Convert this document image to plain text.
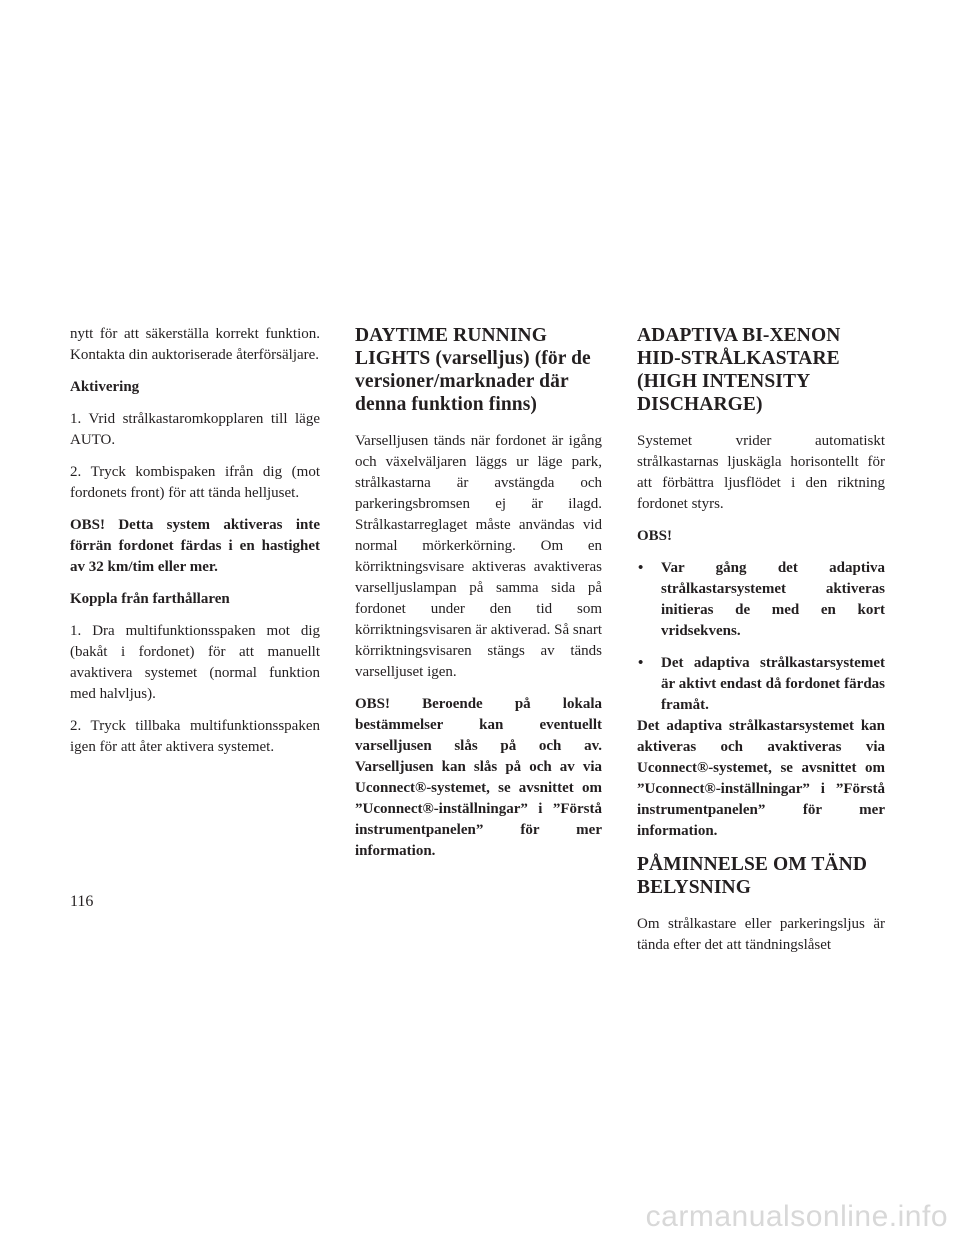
nytt för att säkerställa korrekt funktion. Kontakta din auktoriserade återförsäljare.

Aktivering

1. Vrid strålkastaromkopplaren till läge AUTO.

2. Tryck kombispaken ifrån dig (mot fordonets front) för att tända helljuset.

OBS! Detta system aktiveras inte förrän fordonet färdas i en hastighet av 32 km/tim eller mer.

Koppla från farthållaren

1. Dra multifunktionsspaken mot dig (bakåt i fordonet) för att manuellt avaktivera systemet (normal funktion med halvljus).

2. Tryck tillbaka multifunktionsspaken igen för att åter aktivera systemet.

DAYTIME RUNNING LIGHTS (varselljus) (för de versioner/marknader där denna funktion finns)

Varselljusen tänds när fordonet är igång och växelväljaren läggs ur läge park, strålkastarna är avstängda och parkeringsbromsen ej är ilagd. Strålkastarreglaget måste användas vid normal mörkerkörning. Om en körriktningsvisare aktiveras avaktiveras varselljuslampan på samma sida på fordonet under den tid som körriktningsvisaren är aktiverad. Så snart körriktningsvisaren stängs av tänds varselljuset igen.

OBS! Beroende på lokala bestämmelser kan eventuellt varselljusen slås på och av. Varselljusen kan slås på och av via Uconnect®-systemet, se avsnittet om ”Uconnect®-inställningar” i ”Förstå instrumentpanelen” för mer information.

ADAPTIVA BI-XENON HID-STRÅLKASTARE (HIGH INTENSITY DISCHARGE)

Systemet vrider automatiskt strålkastarnas ljuskägla horisontellt för att förbättra ljusflödet i den riktning fordonet styrs.

OBS!

• Var gång det adaptiva strålkastarsystemet aktiveras initieras de med en kort vridsekvens.
• Det adaptiva strålkastarsystemet är aktivt endast då fordonet färdas framåt.

Det adaptiva strålkastarsystemet kan aktiveras och avaktiveras via Uconnect®-systemet, se avsnittet om ”Uconnect®-inställningar” i ”Förstå instrumentpanelen” för mer information.

PÅMINNELSE OM TÄND BELYSNING

Om strålkastare eller parkeringsljus är tända efter det att tändningslåset

116
carmanualsonline.info
